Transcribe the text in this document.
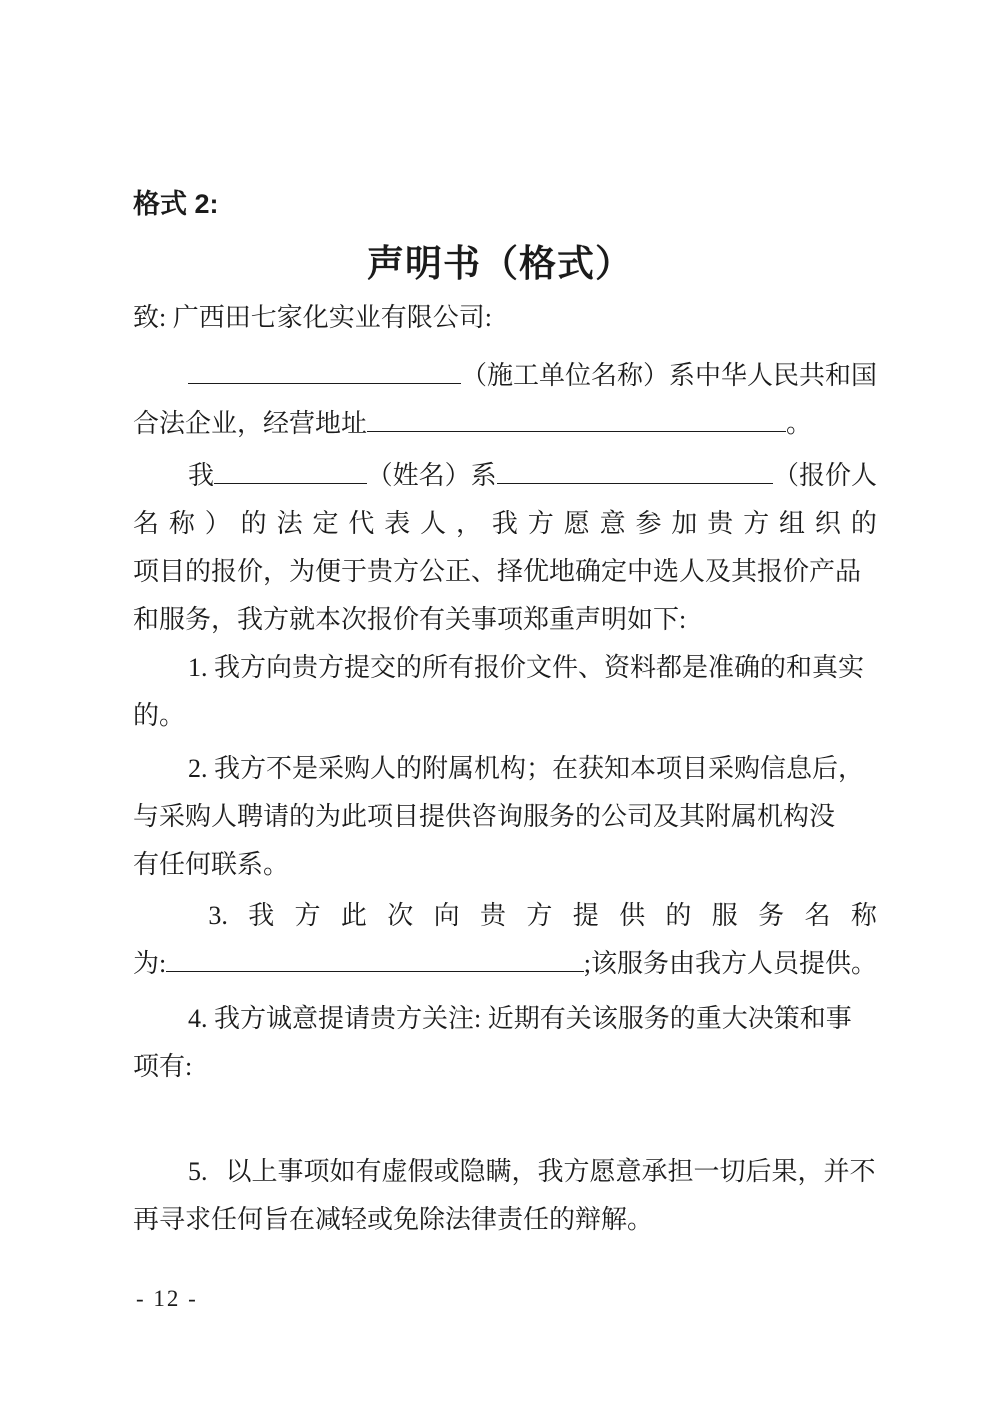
格式 2:
声明书（格式）
致: 广西田七家化实业有限公司:
（施工单位名称）系中华人民共和国
合法企业，经营地址	。
我	（姓名）系	（报价人
名 称 ） 的 法 定 代 表 人 ， 我 方 愿 意 参 加 贵 方 组 织 的
项目的报价，为便于贵方公正、择优地确定中选人及其报价产品
和服务，我方就本次报价有关事项郑重声明如下:
1. 我方向贵方提交的所有报价文件、资料都是准确的和真实
的。
2. 我方不是采购人的附属机构；在获知本项目采购信息后，
与采购人聘请的为此项目提供咨询服务的公司及其附属机构没
有任何联系。
3. 我 方 此 次 向 贵 方 提 供 的 服 务 名 称
为:	;该服务由我方人员提供。
4. 我方诚意提请贵方关注: 近期有关该服务的重大决策和事
项有:
5. 以上事项如有虚假或隐瞒，我方愿意承担一切后果，并不
再寻求任何旨在减轻或免除法律责任的辩解。
- 12 -
